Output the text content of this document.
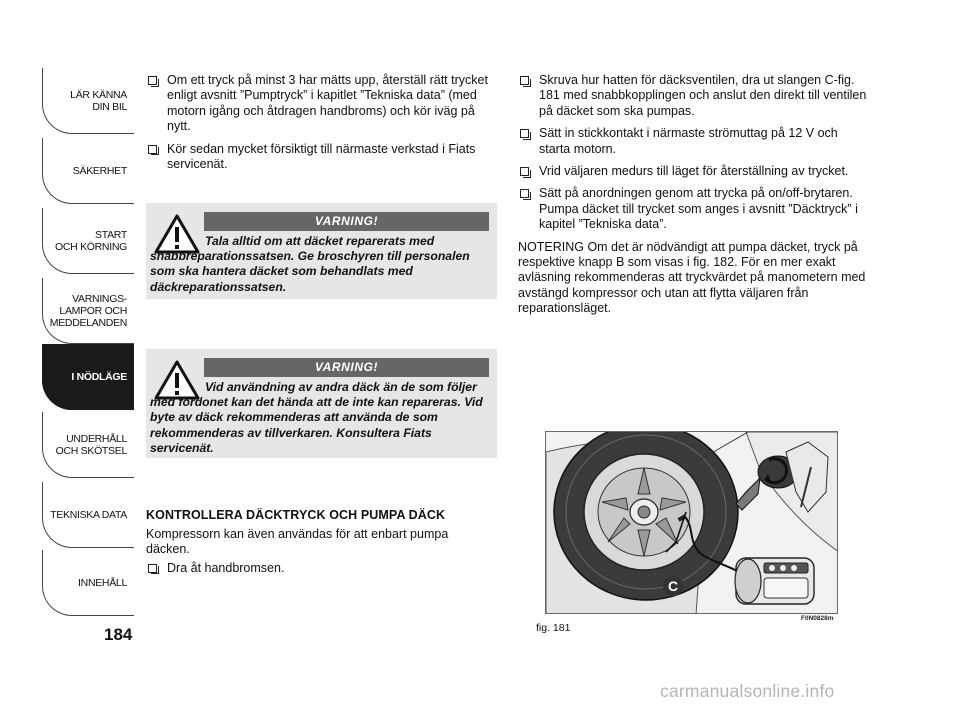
LÄR KÄNNA
DIN BIL
SÄKERHET
START
OCH KÖRNING
VARNINGS-
LAMPOR OCH
MEDDELANDEN
I NÖDLÄGE
UNDERHÅLL
OCH SKÖTSEL
TEKNISKA DATA
INNEHÅLL
184
Om ett tryck på minst 3 har mätts upp, återställ rätt trycket enligt avsnitt ”Pumptryck” i kapitlet ”Tekniska data” (med motorn igång och åtdragen handbroms) och kör iväg på nytt.
Kör sedan mycket försiktigt till närmaste verkstad i Fiats servicenät.
VARNING!
Tala alltid om att däcket reparerats med snabbreparationssatsen. Ge broschyren till personalen som ska hantera däcket som behandlats med däckreparationssatsen.
VARNING!
Vid användning av andra däck än de som följer med fordonet kan det hända att de inte kan repareras. Vid byte av däck rekommenderas att använda de som rekommenderas av tillverkaren. Konsultera Fiats servicenät.
KONTROLLERA DÄCKTRYCK OCH PUMPA DÄCK
Kompressorn kan även användas för att enbart pumpa däcken.
Dra åt handbromsen.
Skruva hur hatten för däcksventilen, dra ut slangen C-fig. 181 med snabbkopplingen och anslut den direkt till ventilen på däcket som ska pumpas.
Sätt in stickkontakt i närmaste strömuttag på 12 V och starta motorn.
Vrid väljaren medurs till läget för återställning av trycket.
Sätt på anordningen genom att trycka på on/off-brytaren. Pumpa däcket till trycket som anges i avsnitt ”Däcktryck” i kapitel ”Tekniska data”.
NOTERING Om det är nödvändigt att pumpa däcket, tryck på respektive knapp B som visas i fig. 182. För en mer exakt avläsning rekommenderas att tryckvärdet på manometern med avstängd kompressor och utan att flytta väljaren från reparationsläget.
C
F0N0828m
fig. 181
carmanualsonline.info
